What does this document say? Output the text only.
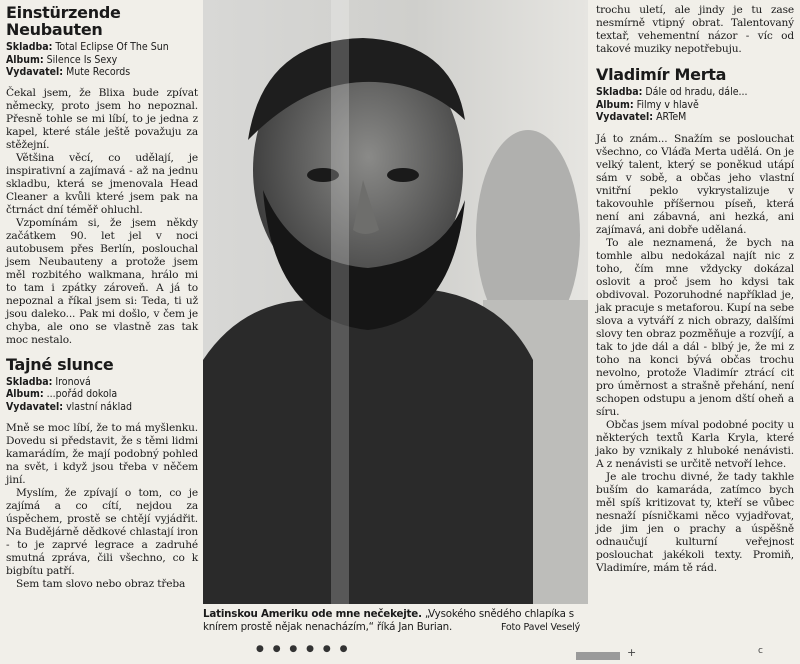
Einstürzende
Neubauten
Skladba: Total Eclipse Of The Sun
Album: Silence Is Sexy
Vydavatel: Mute Records

Čekal jsem, že Blixa bude zpívat německy, proto jsem ho nepoznal. Přesně tohle se mi líbí, to je jedna z kapel, které stále ještě považuju za stěžejní.

Většina věcí, co udělají, je inspirativní a zajímavá - až na jednu skladbu, která se jmenovala Head Cleaner a kvůli které jsem pak na čtrnáct dní téměř ohluchl.

Vzpomínám si, že jsem někdy začátkem 90. let jel v noci autobusem přes Berlín, poslouchal jsem Neubauteny a protože jsem měl rozbitého walkmana, hrálo mi to tam i zpátky zároveň. A já to nepoznal a říkal jsem si: Teda, ti už jsou daleko... Pak mi došlo, v čem je chyba, ale ono se vlastně zas tak moc nestalo.

Tajné slunce
Skladba: Ironová
Album: ...pořád dokola
Vydavatel: vlastní náklad

Mně se moc líbí, že to má myšlenku. Dovedu si představit, že s těmi lidmi kamarádím, že mají podobný pohled na svět, i když jsou třeba v něčem jiní.

Myslím, že zpívají o tom, co je zajímá a co cítí, nejdou za úspěchem, prostě se chtějí vyjádřit. Na Budějárně dědkové chlastají iron - to je zaprvé legrace a zadruhé smutná zpráva, čili všechno, co k bigbítu patří.

Sem tam slovo nebo obraz třeba

Latinskou Ameriku ode mne nečekejte. „Vysokého snědého chlapíka s knírem prostě nějak nenacházím,“ říká Jan Burian.	Foto Pavel Veselý

trochu uletí, ale jindy je tu zase nesmírně vtipný obrat. Talentovaný textař, vehementní názor - víc od takové muziky nepotřebuju.

Vladimír Merta
Skladba: Dále od hradu, dále...
Album: Filmy v hlavě
Vydavatel: ARTeM

Já to znám... Snažím se poslouchat všechno, co Vláďa Merta udělá. On je velký talent, který se poněkud utápí sám v sobě, a občas jeho vlastní vnitřní peklo vykrystalizuje v takovouhle příšernou píseň, která není ani zábavná, ani hezká, ani zajímavá, ani dobře udělaná.

To ale neznamená, že bych na tomhle albu nedokázal najít nic z toho, čím mne vždycky dokázal oslovit a proč jsem ho kdysi tak obdivoval. Pozoruhodné například je, jak pracuje s metaforou. Kupí na sebe slova a vytváří z nich obrazy, dalšími slovy ten obraz pozměňuje a rozvíjí, a tak to jde dál a dál - blbý je, že mi z toho na konci bývá občas trochu nevolno, protože Vladimír ztrácí cit pro úměrnost a strašně přehání, není schopen odstupu a jenom dští oheň a síru.

Občas jsem míval podobné pocity u některých textů Karla Kryla, které jako by vznikaly z hluboké nenávisti. A z nenávisti se určitě netvoří lehce.

Je ale trochu divné, že tady takhle buším do kamaráda, zatímco bych měl spíš kritizovat ty, kteří se vůbec nesnaží písničkami něco vyjadřovat, jde jim jen o prachy a úspěšně odnaučují kulturní veřejnost poslouchat jakékoli texty. Promiň, Vladimíre, mám tě rád.

● ● ● ● ● ●	+	c
